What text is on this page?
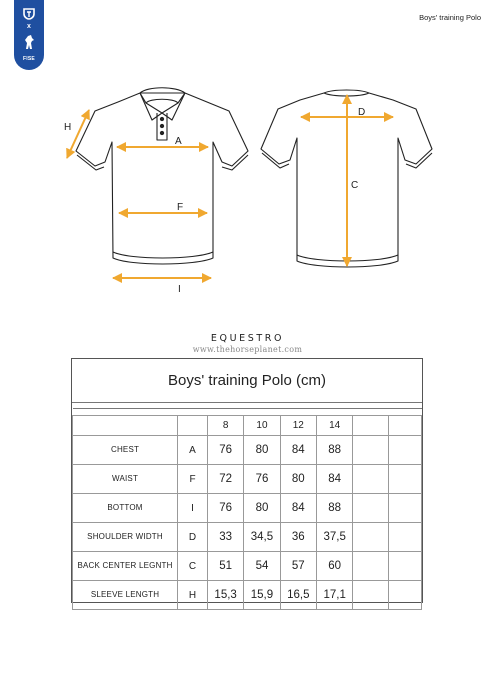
x
FISE
Boys' training Polo
H
A
F
I
D
C
EQUESTRO
www.thehorseplanet.com
Boys' training Polo (cm)

		8	10	12	14		
CHEST	A	76	80	84	88		
WAIST	F	72	76	80	84		
BOTTOM	I	76	80	84	88		
SHOULDER WIDTH	D	33	34,5	36	37,5		
BACK CENTER LEGNTH	C	51	54	57	60		
SLEEVE LENGTH	H	15,3	15,9	16,5	17,1		
